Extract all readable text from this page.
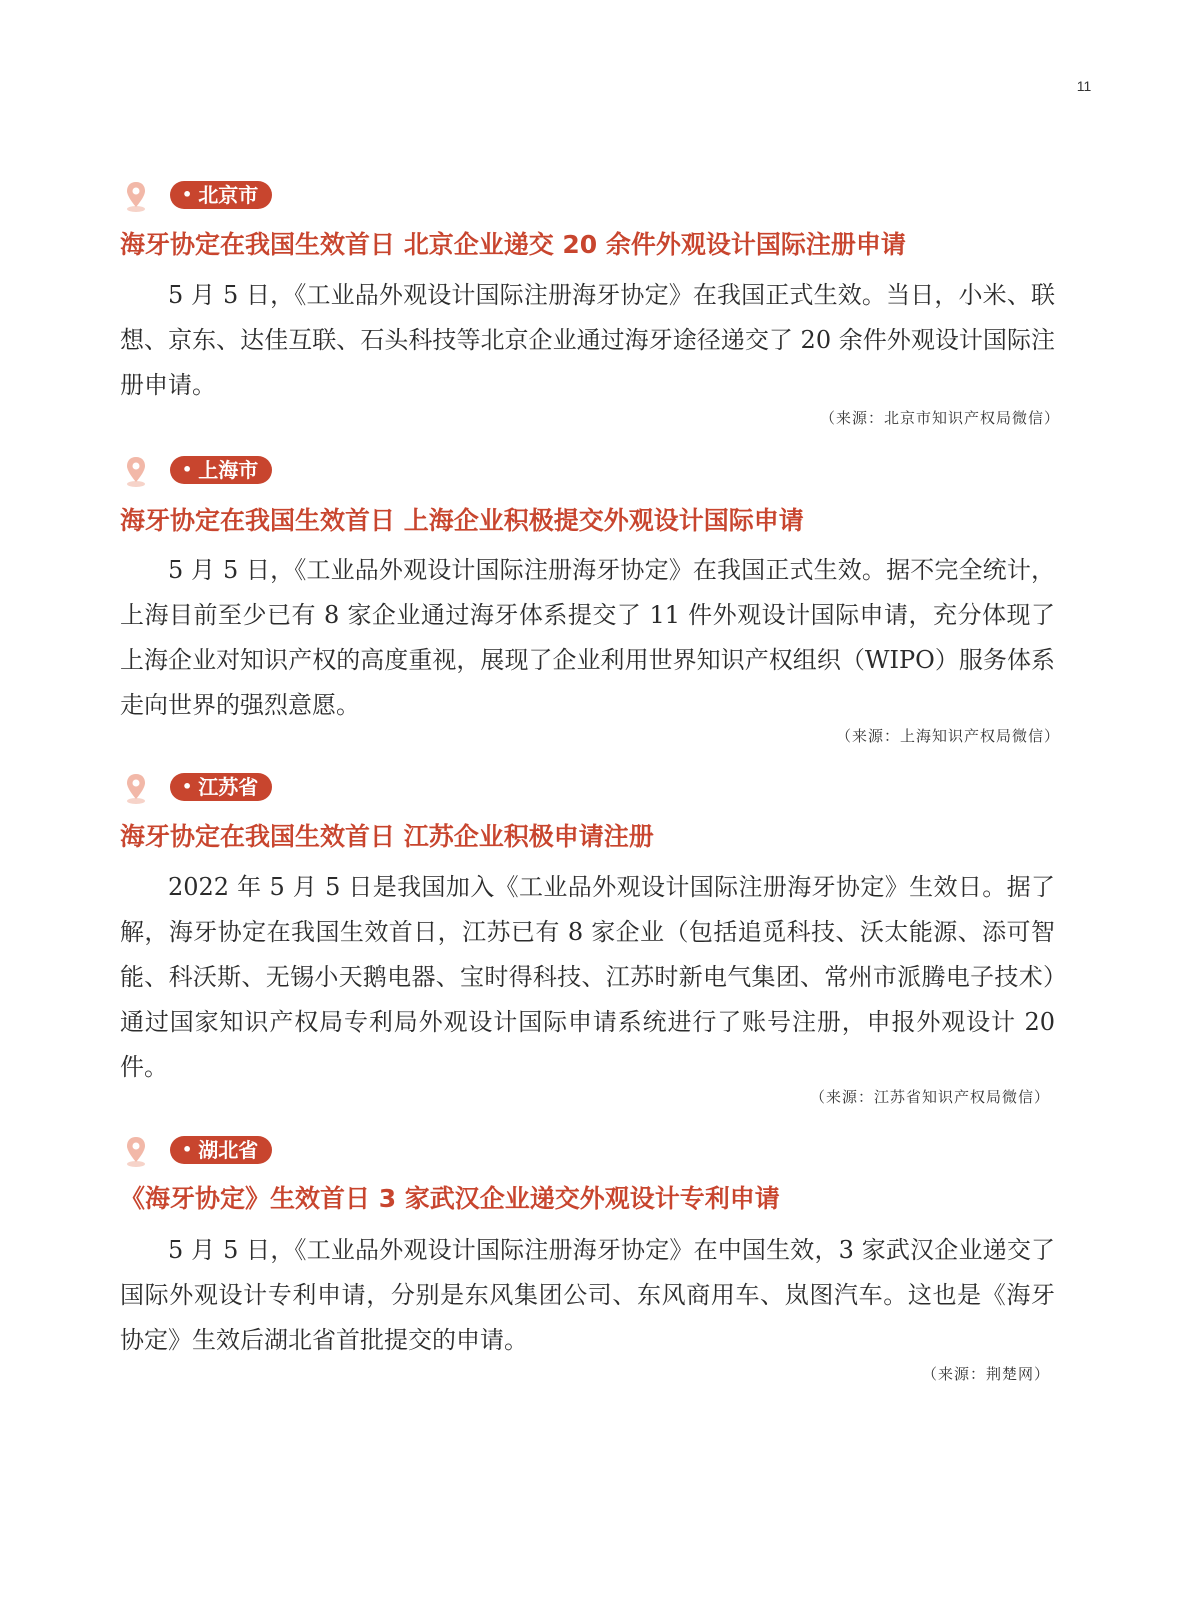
11
• 北京市
海牙协定在我国生效首日 北京企业递交 20 余件外观设计国际注册申请

5 月 5 日，《工业品外观设计国际注册海牙协定》在我国正式生效。当日，小米、联想、京东、达佳互联、石头科技等北京企业通过海牙途径递交了 20 余件外观设计国际注册申请。

（来源：北京市知识产权局微信）
• 上海市
海牙协定在我国生效首日 上海企业积极提交外观设计国际申请

5 月 5 日，《工业品外观设计国际注册海牙协定》在我国正式生效。据不完全统计，上海目前至少已有 8 家企业通过海牙体系提交了 11 件外观设计国际申请，充分体现了上海企业对知识产权的高度重视，展现了企业利用世界知识产权组织（WIPO）服务体系走向世界的强烈意愿。

（来源：上海知识产权局微信）
• 江苏省
海牙协定在我国生效首日 江苏企业积极申请注册

2022 年 5 月 5 日是我国加入《工业品外观设计国际注册海牙协定》生效日。据了解，海牙协定在我国生效首日，江苏已有 8 家企业（包括追觅科技、沃太能源、添可智能、科沃斯、无锡小天鹅电器、宝时得科技、江苏时新电气集团、常州市派腾电子技术）通过国家知识产权局专利局外观设计国际申请系统进行了账号注册，申报外观设计 20 件。

（来源：江苏省知识产权局微信）
• 湖北省
《海牙协定》生效首日 3 家武汉企业递交外观设计专利申请

5 月 5 日，《工业品外观设计国际注册海牙协定》在中国生效，3 家武汉企业递交了国际外观设计专利申请，分别是东风集团公司、东风商用车、岚图汽车。这也是《海牙协定》生效后湖北省首批提交的申请。

（来源：荆楚网）
